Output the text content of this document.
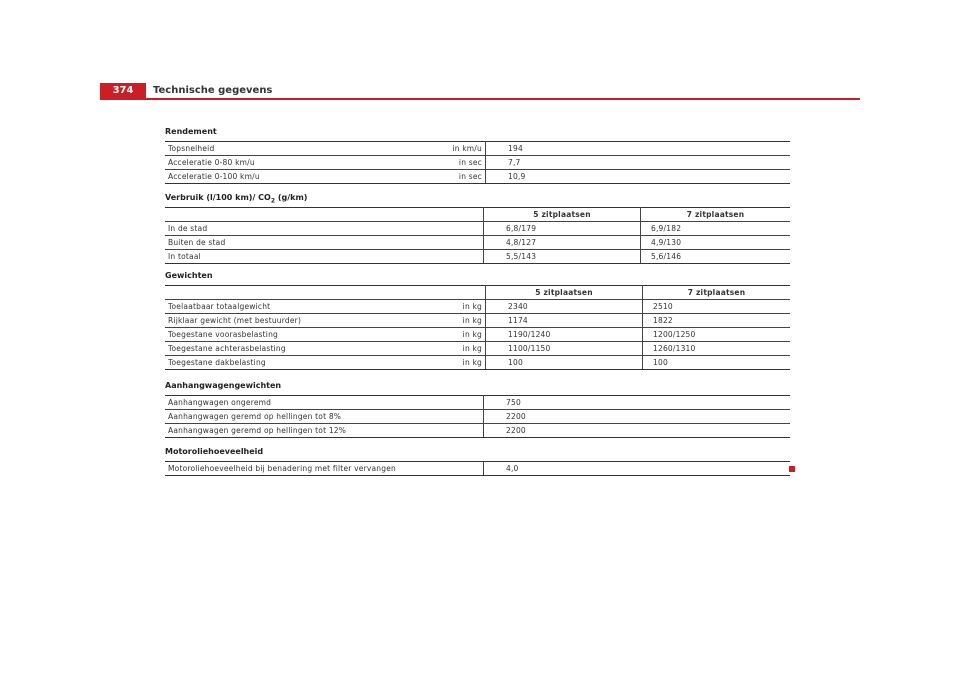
374	Technische gegevens
Rendement
Topsnelheid	in km/u	194
Acceleratie 0-80 km/u	in sec	7,7
Acceleratie 0-100 km/u	in sec	10,9
Verbruik (l/100 km)/ $CO_2$ (g/km)
	5 zitplaatsen	7 zitplaatsen
In de stad	6,8/179	6,9/182
Buiten de stad	4,8/127	4,9/130
In totaal	5,5/143	5,6/146
Gewichten
		5 zitplaatsen	7 zitplaatsen
Toelaatbaar totaalgewicht	in kg	2340	2510
Rijklaar gewicht (met bestuurder)	in kg	1174	1822
Toegestane voorasbelasting	in kg	1190/1240	1200/1250
Toegestane achterasbelasting	in kg	1100/1150	1260/1310
Toegestane dakbelasting	in kg	100	100
Aanhangwagengewichten
Aanhangwagen ongeremd	750
Aanhangwagen geremd op hellingen tot 8%	2200
Aanhangwagen geremd op hellingen tot 12%	2200
Motoroliehoeveelheid
Motoroliehoeveelheid bij benadering met filter vervangen	4,0
